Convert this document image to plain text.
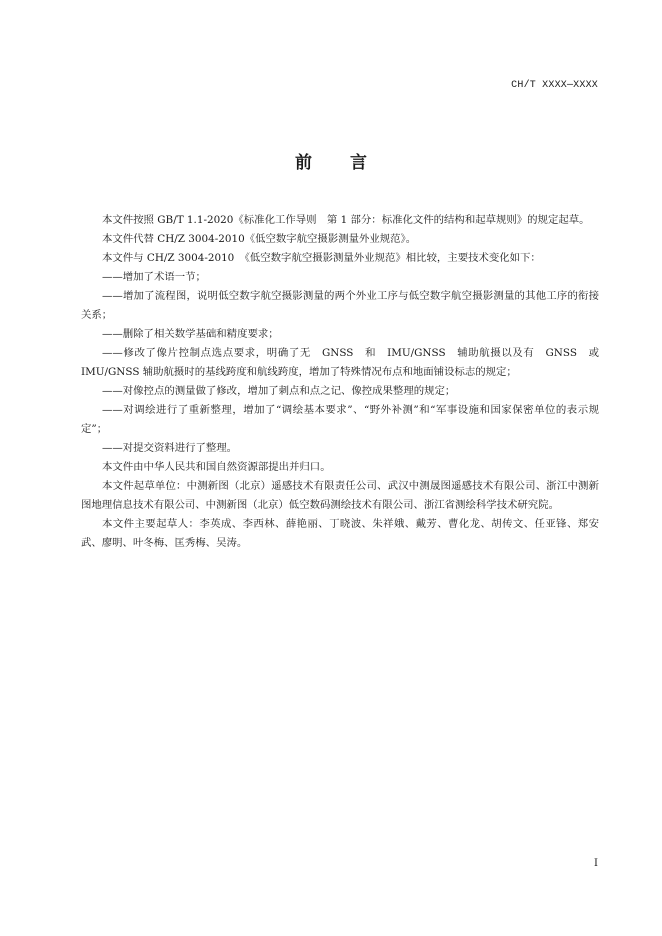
CH/T XXXX—XXXX
前 言

本文件按照 GB/T 1.1-2020《标准化工作导则　第 1 部分：标准化文件的结构和起草规则》的规定起草。

本文件代替 CH/Z 3004-2010《低空数字航空摄影测量外业规范》。

本文件与 CH/Z 3004-2010　《低空数字航空摄影测量外业规范》相比较，主要技术变化如下：

——增加了术语一节；

——增加了流程图，说明低空数字航空摄影测量的两个外业工序与低空数字航空摄影测量的其他工序的衔接关系；

——删除了相关数学基础和精度要求；

——修改了像片控制点选点要求，明确了无　GNSS　和　IMU/GNSS　辅助航摄以及有　GNSS　或 IMU/GNSS 辅助航摄时的基线跨度和航线跨度，增加了特殊情况布点和地面铺设标志的规定；

——对像控点的测量做了修改，增加了刺点和点之记、像控成果整理的规定；

——对调绘进行了重新整理，增加了“调绘基本要求”、“野外补测”和“军事设施和国家保密单位的表示规定”；

——对提交资料进行了整理。

本文件由中华人民共和国自然资源部提出并归口。

本文件起草单位：中测新图（北京）遥感技术有限责任公司、武汉中测晟图遥感技术有限公司、浙江中测新图地理信息技术有限公司、中测新图（北京）低空数码测绘技术有限公司、浙江省测绘科学技术研究院。

本文件主要起草人：李英成、李西林、薛艳丽、丁晓波、朱祥娥、戴芳、曹化龙、胡传文、任亚锋、郑安武、廖明、叶冬梅、匡秀梅、吴涛。

I
